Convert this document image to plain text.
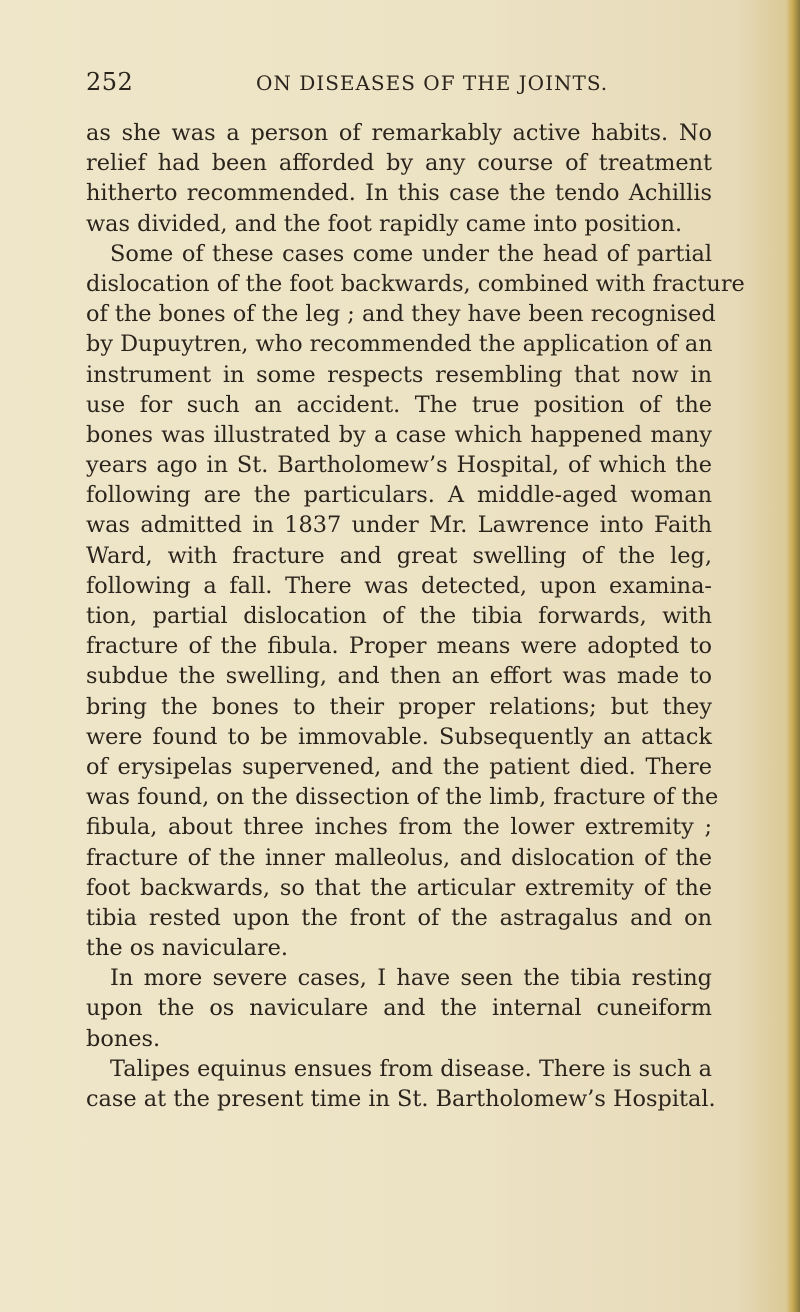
252	ON DISEASES OF THE JOINTS.
as she was a person of remarkably active habits. No
relief had been afforded by any course of treatment
hitherto recommended. In this case the tendo Achillis
was divided, and the foot rapidly came into position.
Some of these cases come under the head of partial
dislocation of the foot backwards, combined with fracture
of the bones of the leg ; and they have been recognised
by Dupuytren, who recommended the application of an
instrument in some respects resembling that now in
use for such an accident. The true position of the
bones was illustrated by a case which happened many
years ago in St. Bartholomew’s Hospital, of which the
following are the particulars. A middle-aged woman
was admitted in 1837 under Mr. Lawrence into Faith
Ward, with fracture and great swelling of the leg,
following a fall. There was detected, upon examina-
tion, partial dislocation of the tibia forwards, with
fracture of the fibula. Proper means were adopted to
subdue the swelling, and then an effort was made to
bring the bones to their proper relations; but they
were found to be immovable. Subsequently an attack
of erysipelas supervened, and the patient died. There
was found, on the dissection of the limb, fracture of the
fibula, about three inches from the lower extremity ;
fracture of the inner malleolus, and dislocation of the
foot backwards, so that the articular extremity of the
tibia rested upon the front of the astragalus and on
the os naviculare.
In more severe cases, I have seen the tibia resting
upon the os naviculare and the internal cuneiform
bones.
Talipes equinus ensues from disease. There is such a
case at the present time in St. Bartholomew’s Hospital.
